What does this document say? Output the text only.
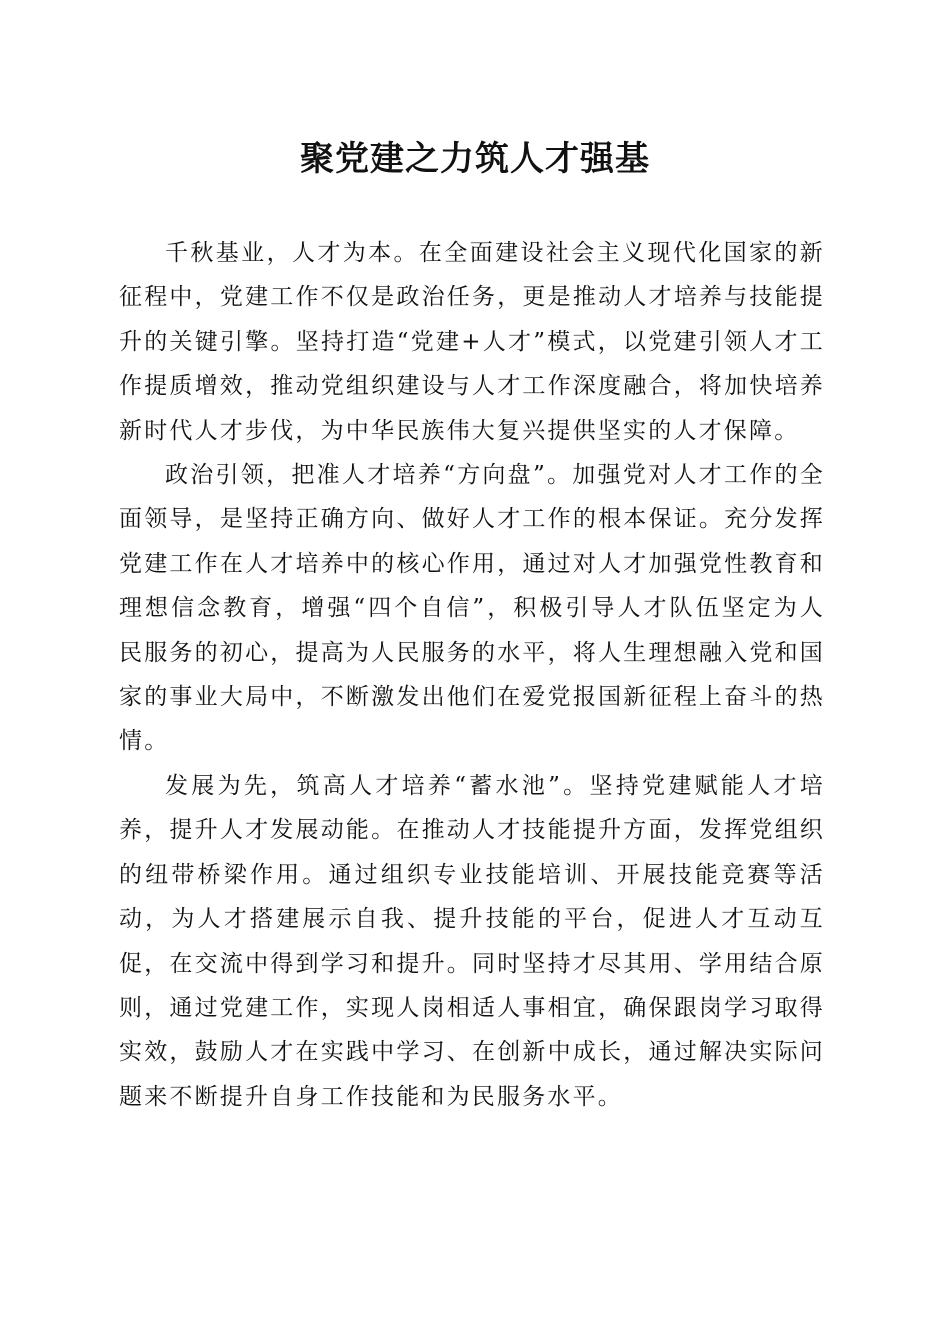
聚党建之力筑人才强基

千秋基业，人才为本。在全面建设社会主义现代化国家的新征程中，党建工作不仅是政治任务，更是推动人才培养与技能提升的关键引擎。坚持打造“党建+人才”模式，以党建引领人才工作提质增效，推动党组织建设与人才工作深度融合，将加快培养新时代人才步伐，为中华民族伟大复兴提供坚实的人才保障。

政治引领，把准人才培养“方向盘”。加强党对人才工作的全面领导，是坚持正确方向、做好人才工作的根本保证。充分发挥党建工作在人才培养中的核心作用，通过对人才加强党性教育和理想信念教育，增强“四个自信”，积极引导人才队伍坚定为人民服务的初心，提高为人民服务的水平，将人生理想融入党和国家的事业大局中，不断激发出他们在爱党报国新征程上奋斗的热情。

发展为先，筑高人才培养“蓄水池”。坚持党建赋能人才培养，提升人才发展动能。在推动人才技能提升方面，发挥党组织的纽带桥梁作用。通过组织专业技能培训、开展技能竞赛等活动，为人才搭建展示自我、提升技能的平台，促进人才互动互促，在交流中得到学习和提升。同时坚持才尽其用、学用结合原则，通过党建工作，实现人岗相适人事相宜，确保跟岗学习取得实效，鼓励人才在实践中学习、在创新中成长，通过解决实际问题来不断提升自身工作技能和为民服务水平。
